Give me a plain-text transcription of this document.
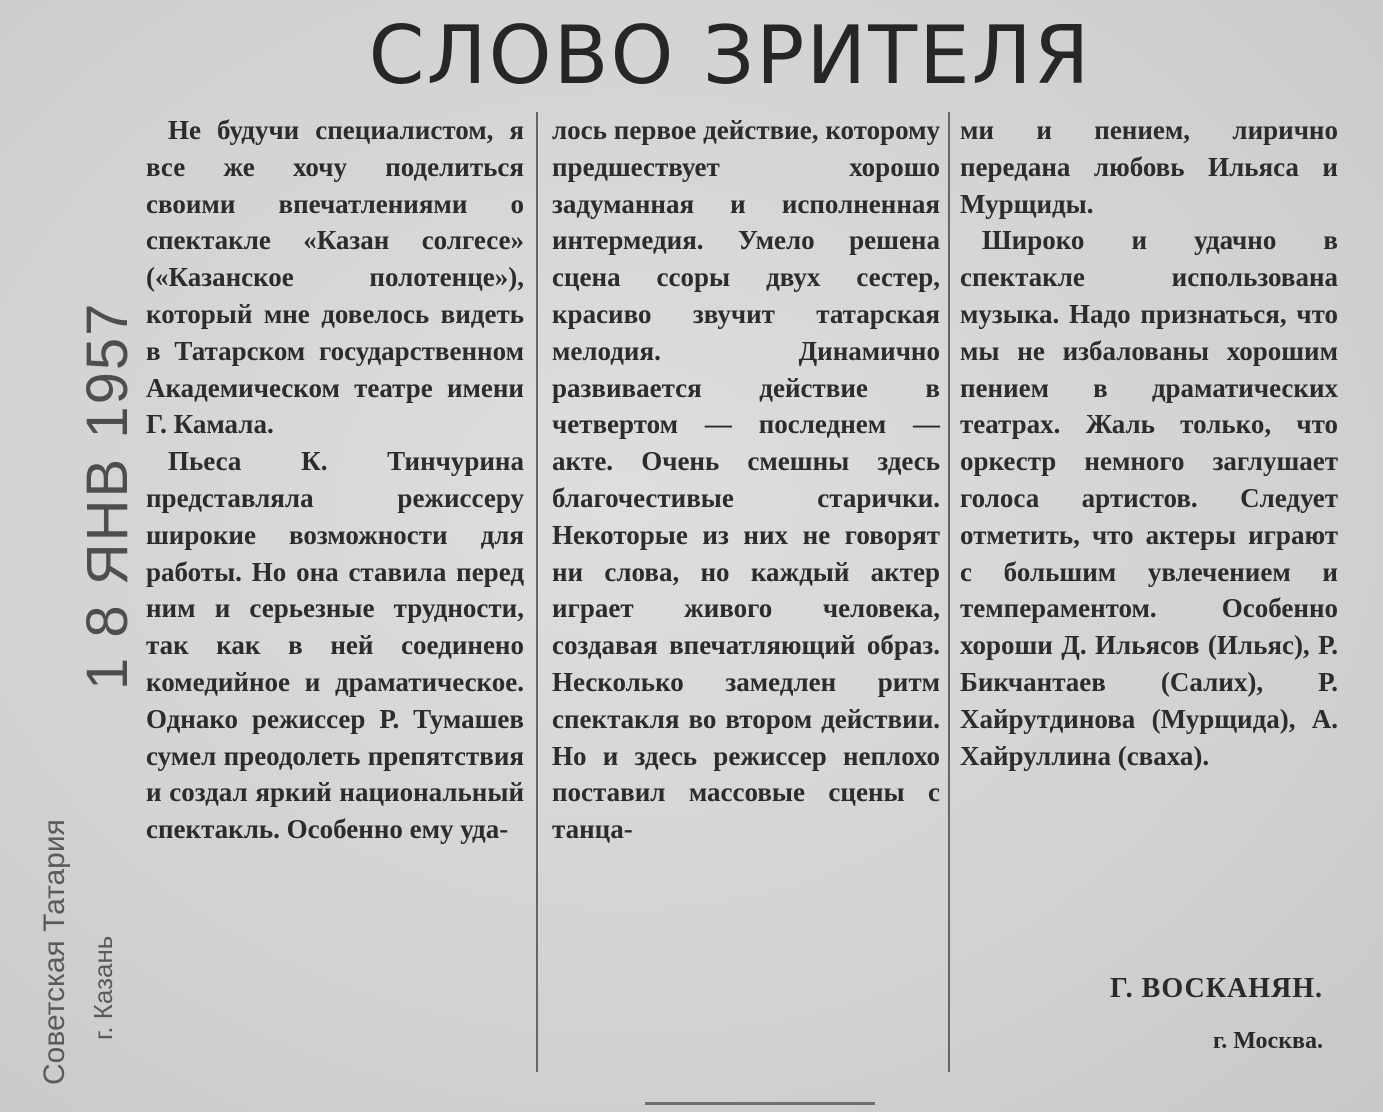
СЛОВО ЗРИТЕЛЯ
Советская Татария г. Казань
1 8 ЯНВ 1957

Не будучи специалистом, я все же хочу поделиться своими впечатлениями о спектакле «Казан солгесе» («Казанское полотенце»), который мне довелось видеть в Татарском государственном Академическом театре имени Г. Камала.

Пьеса К. Тинчурина представляла режиссеру широкие возможности для работы. Но она ставила перед ним и серьезные трудности, так как в ней соединено комедийное и драматическое. Однако режиссер Р. Тумашев сумел преодолеть препятствия и создал яркий национальный спектакль. Особенно ему уда-

лось первое действие, которому предшествует хорошо задуманная и исполненная интермедия. Умело решена сцена ссоры двух сестер, красиво звучит татарская мелодия. Динамично развивается действие в четвертом — последнем — акте. Очень смешны здесь благочестивые старички. Некоторые из них не говорят ни слова, но каждый актер играет живого человека, создавая впечатляющий образ. Несколько замедлен ритм спектакля во втором действии. Но и здесь режиссер неплохо поставил массовые сцены с танца-

ми и пением, лирично передана любовь Ильяса и Мурщиды.

Широко и удачно в спектакле использована музыка. Надо признаться, что мы не избалованы хорошим пением в драматических театрах. Жаль только, что оркестр немного заглушает голоса артистов. Следует отметить, что актеры играют с большим увлечением и темпераментом. Особенно хороши Д. Ильясов (Ильяс), Р. Бикчантаев (Салих), Р. Хайрутдинова (Мурщида), А. Хайруллина (сваха).

Г. ВОСКАНЯН.
г. Москва.
